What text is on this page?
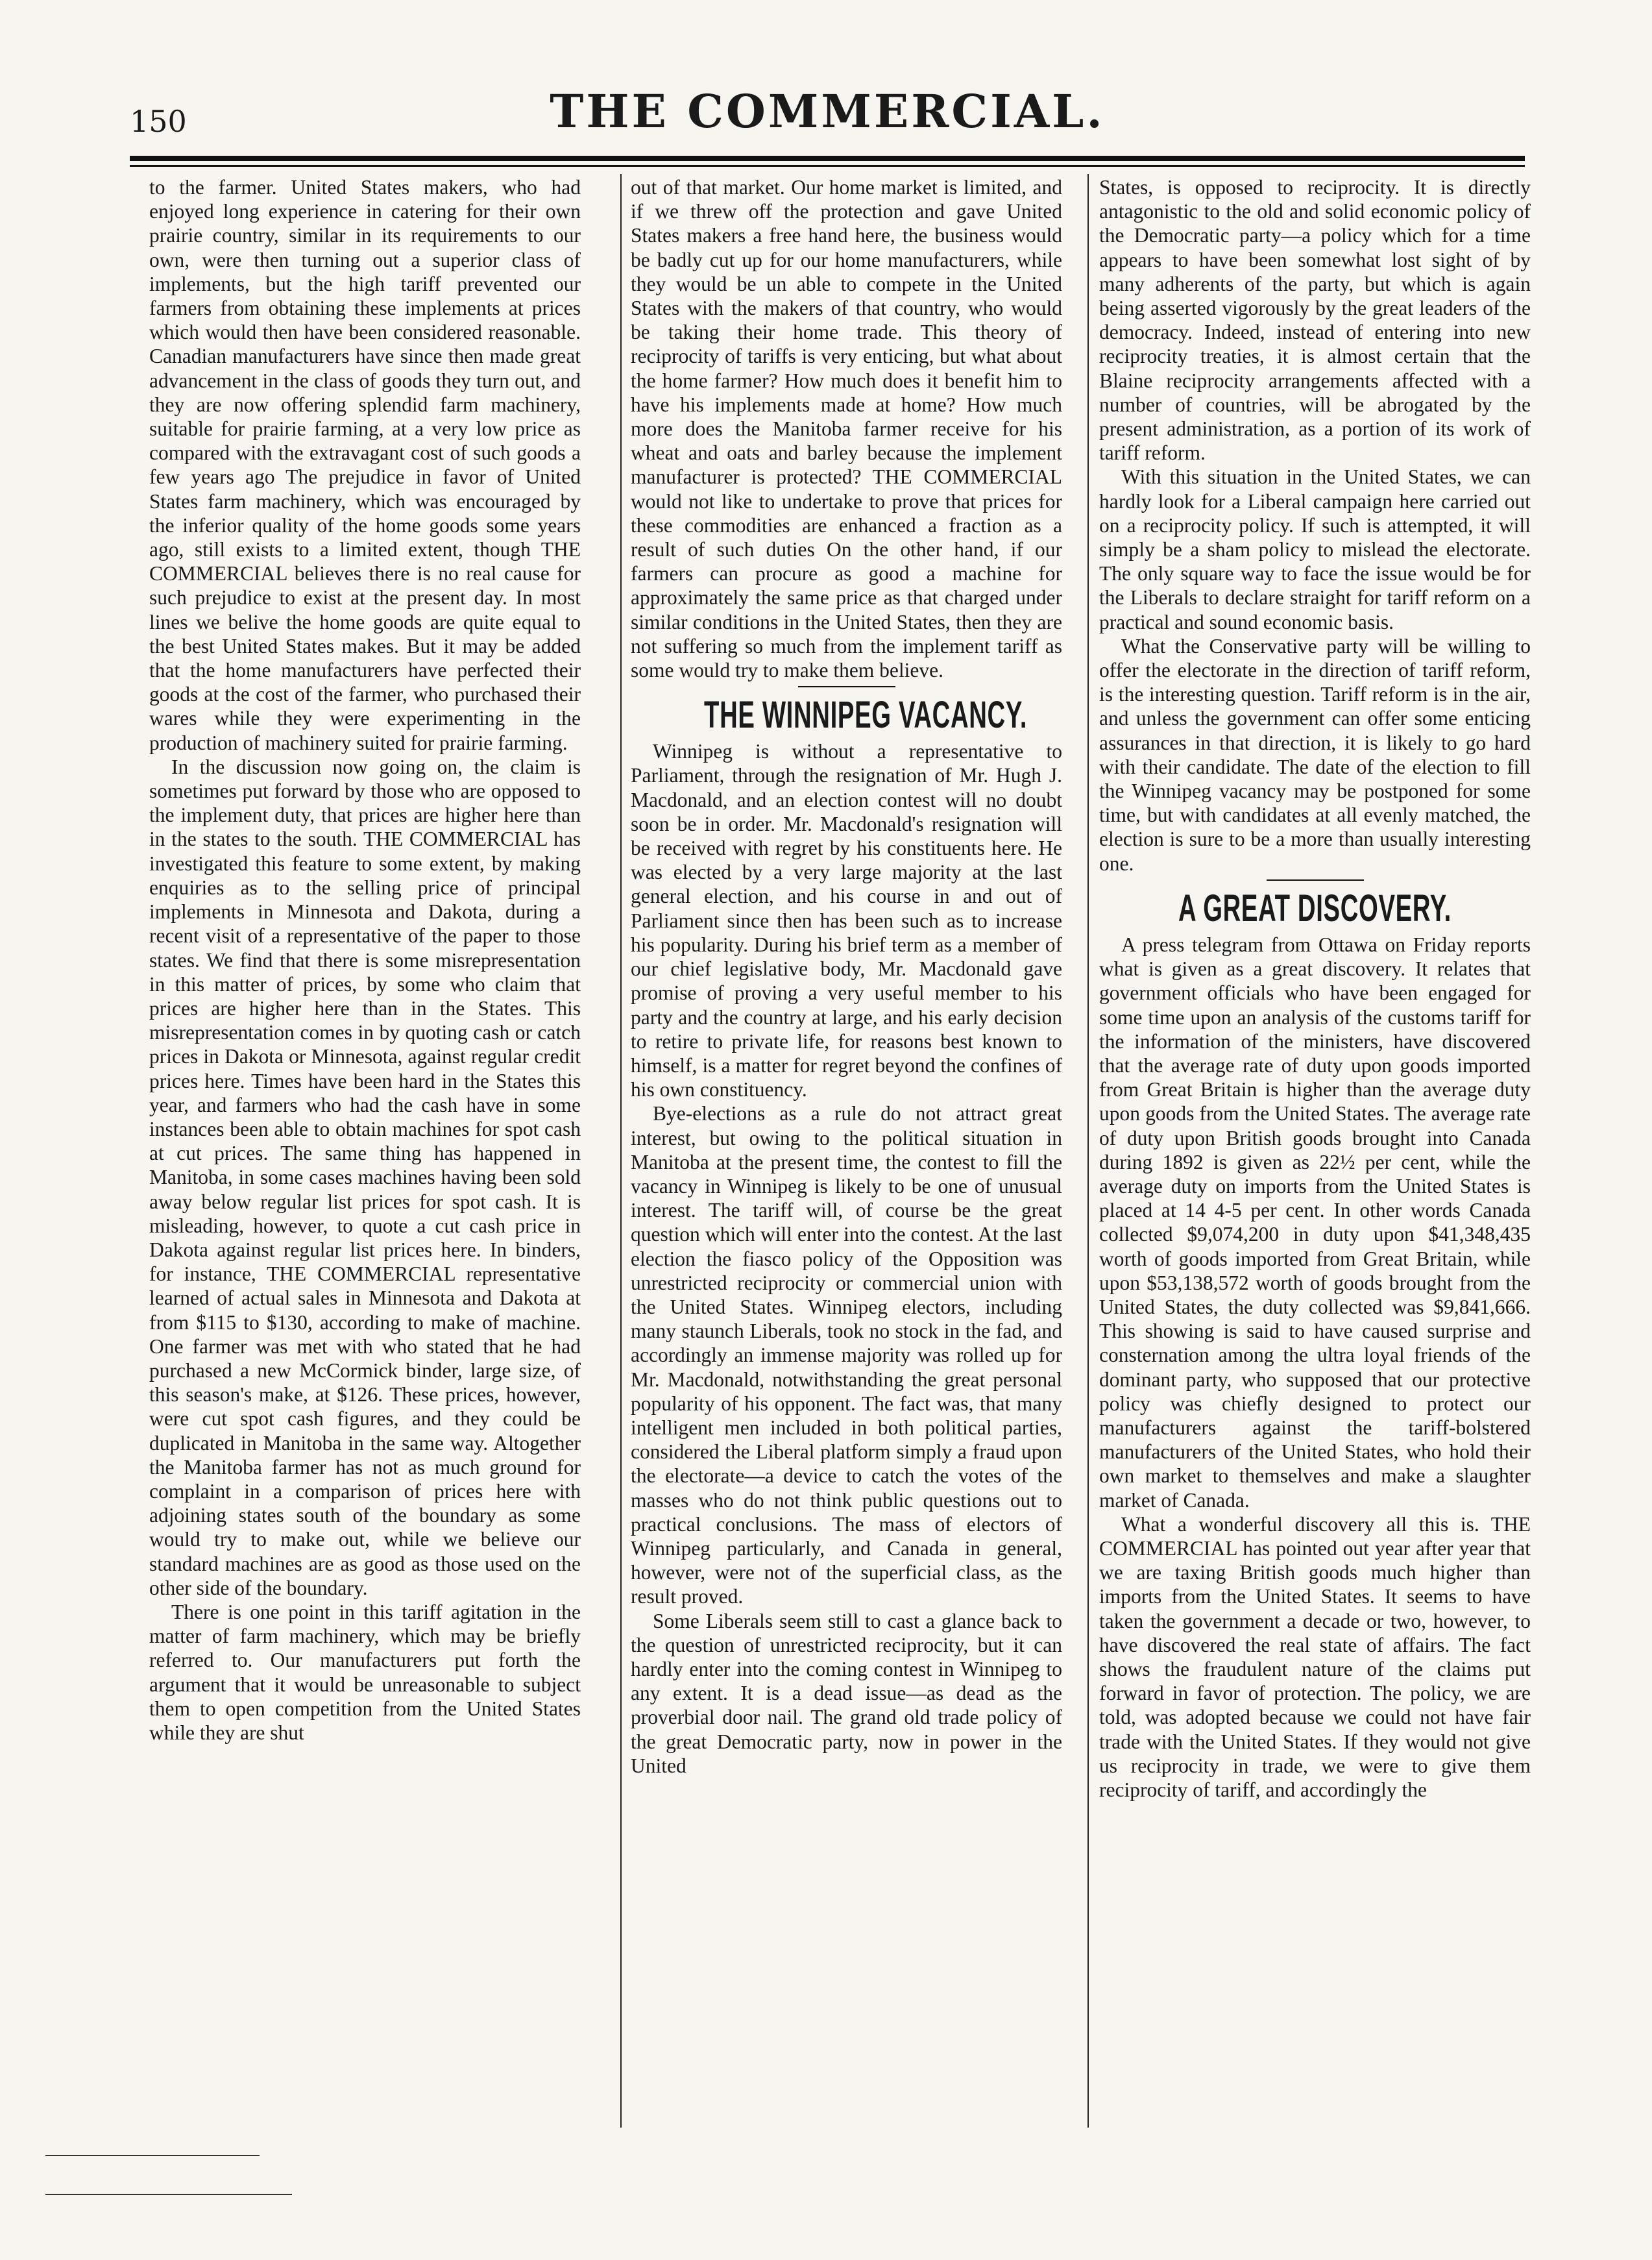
150	THE COMMERCIAL.

to the farmer. United States makers, who had enjoyed long experience in catering for their own prairie country, similar in its requirements to our own, were then turning out a superior class of implements, but the high tariff prevented our farmers from obtaining these implements at prices which would then have been considered reasonable. Canadian manufacturers have since then made great advancement in the class of goods they turn out, and they are now offering splendid farm machinery, suitable for prairie farming, at a very low price as compared with the extravagant cost of such goods a few years ago The prejudice in favor of United States farm machinery, which was encouraged by the inferior quality of the home goods some years ago, still exists to a limited extent, though THE COMMERCIAL believes there is no real cause for such prejudice to exist at the present day. In most lines we belive the home goods are quite equal to the best United States makes. But it may be added that the home manufacturers have perfected their goods at the cost of the farmer, who purchased their wares while they were experimenting in the production of machinery suited for prairie farming.

In the discussion now going on, the claim is sometimes put forward by those who are opposed to the implement duty, that prices are higher here than in the states to the south. THE COMMERCIAL has investigated this feature to some extent, by making enquiries as to the selling price of principal implements in Minnesota and Dakota, during a recent visit of a representative of the paper to those states. We find that there is some misrepresentation in this matter of prices, by some who claim that prices are higher here than in the States. This misrepresentation comes in by quoting cash or catch prices in Dakota or Minnesota, against regular credit prices here. Times have been hard in the States this year, and farmers who had the cash have in some instances been able to obtain machines for spot cash at cut prices. The same thing has happened in Manitoba, in some cases machines having been sold away below regular list prices for spot cash. It is misleading, however, to quote a cut cash price in Dakota against regular list prices here. In binders, for instance, THE COMMERCIAL representative learned of actual sales in Minnesota and Dakota at from $115 to $130, according to make of machine. One farmer was met with who stated that he had purchased a new McCormick binder, large size, of this season's make, at $126. These prices, however, were cut spot cash figures, and they could be duplicated in Manitoba in the same way. Altogether the Manitoba farmer has not as much ground for complaint in a comparison of prices here with adjoining states south of the boundary as some would try to make out, while we believe our standard machines are as good as those used on the other side of the boundary.

There is one point in this tariff agitation in the matter of farm machinery, which may be briefly referred to. Our manufacturers put forth the argument that it would be unreasonable to subject them to open competition from the United States while they are shut

out of that market. Our home market is limited, and if we threw off the protection and gave United States makers a free hand here, the business would be badly cut up for our home manufacturers, while they would be un able to compete in the United States with the makers of that country, who would be taking their home trade. This theory of reciprocity of tariffs is very enticing, but what about the home farmer? How much does it benefit him to have his implements made at home? How much more does the Manitoba farmer receive for his wheat and oats and barley because the implement manufacturer is protected? THE COMMERCIAL would not like to undertake to prove that prices for these commodities are enhanced a fraction as a result of such duties On the other hand, if our farmers can procure as good a machine for approximately the same price as that charged under similar conditions in the United States, then they are not suffering so much from the implement tariff as some would try to make them believe.

THE WINNIPEG VACANCY.

Winnipeg is without a representative to Parliament, through the resignation of Mr. Hugh J. Macdonald, and an election contest will no doubt soon be in order. Mr. Macdonald's resignation will be received with regret by his constituents here. He was elected by a very large majority at the last general election, and his course in and out of Parliament since then has been such as to increase his popularity. During his brief term as a member of our chief legislative body, Mr. Macdonald gave promise of proving a very useful member to his party and the country at large, and his early decision to retire to private life, for reasons best known to himself, is a matter for regret beyond the confines of his own constituency.

Bye-elections as a rule do not attract great interest, but owing to the political situation in Manitoba at the present time, the contest to fill the vacancy in Winnipeg is likely to be one of unusual interest. The tariff will, of course be the great question which will enter into the contest. At the last election the fiasco policy of the Opposition was unrestricted reciprocity or commercial union with the United States. Winnipeg electors, including many staunch Liberals, took no stock in the fad, and accordingly an immense majority was rolled up for Mr. Macdonald, notwithstanding the great personal popularity of his opponent. The fact was, that many intelligent men included in both political parties, considered the Liberal platform simply a fraud upon the electorate—a device to catch the votes of the masses who do not think public questions out to practical conclusions. The mass of electors of Winnipeg particularly, and Canada in general, however, were not of the superficial class, as the result proved.

Some Liberals seem still to cast a glance back to the question of unrestricted reciprocity, but it can hardly enter into the coming contest in Winnipeg to any extent. It is a dead issue—as dead as the proverbial door nail. The grand old trade policy of the great Democratic party, now in power in the United

States, is opposed to reciprocity. It is directly antagonistic to the old and solid economic policy of the Democratic party—a policy which for a time appears to have been somewhat lost sight of by many adherents of the party, but which is again being asserted vigorously by the great leaders of the democracy. Indeed, instead of entering into new reciprocity treaties, it is almost certain that the Blaine reciprocity arrangements affected with a number of countries, will be abrogated by the present administration, as a portion of its work of tariff reform.

With this situation in the United States, we can hardly look for a Liberal campaign here carried out on a reciprocity policy. If such is attempted, it will simply be a sham policy to mislead the electorate. The only square way to face the issue would be for the Liberals to declare straight for tariff reform on a practical and sound economic basis.

What the Conservative party will be willing to offer the electorate in the direction of tariff reform, is the interesting question. Tariff reform is in the air, and unless the government can offer some enticing assurances in that direction, it is likely to go hard with their candidate. The date of the election to fill the Winnipeg vacancy may be postponed for some time, but with candidates at all evenly matched, the election is sure to be a more than usually interesting one.

A GREAT DISCOVERY.

A press telegram from Ottawa on Friday reports what is given as a great discovery. It relates that government officials who have been engaged for some time upon an analysis of the customs tariff for the information of the ministers, have discovered that the average rate of duty upon goods imported from Great Britain is higher than the average duty upon goods from the United States. The average rate of duty upon British goods brought into Canada during 1892 is given as 22½ per cent, while the average duty on imports from the United States is placed at 14 4-5 per cent. In other words Canada collected $9,074,200 in duty upon $41,348,435 worth of goods imported from Great Britain, while upon $53,138,572 worth of goods brought from the United States, the duty collected was $9,841,666. This showing is said to have caused surprise and consternation among the ultra loyal friends of the dominant party, who supposed that our protective policy was chiefly designed to protect our manufacturers against the tariff-bolstered manufacturers of the United States, who hold their own market to themselves and make a slaughter market of Canada.

What a wonderful discovery all this is. THE COMMERCIAL has pointed out year after year that we are taxing British goods much higher than imports from the United States. It seems to have taken the government a decade or two, however, to have discovered the real state of affairs. The fact shows the fraudulent nature of the claims put forward in favor of protection. The policy, we are told, was adopted because we could not have fair trade with the United States. If they would not give us reciprocity in trade, we were to give them reciprocity of tariff, and accordingly the
